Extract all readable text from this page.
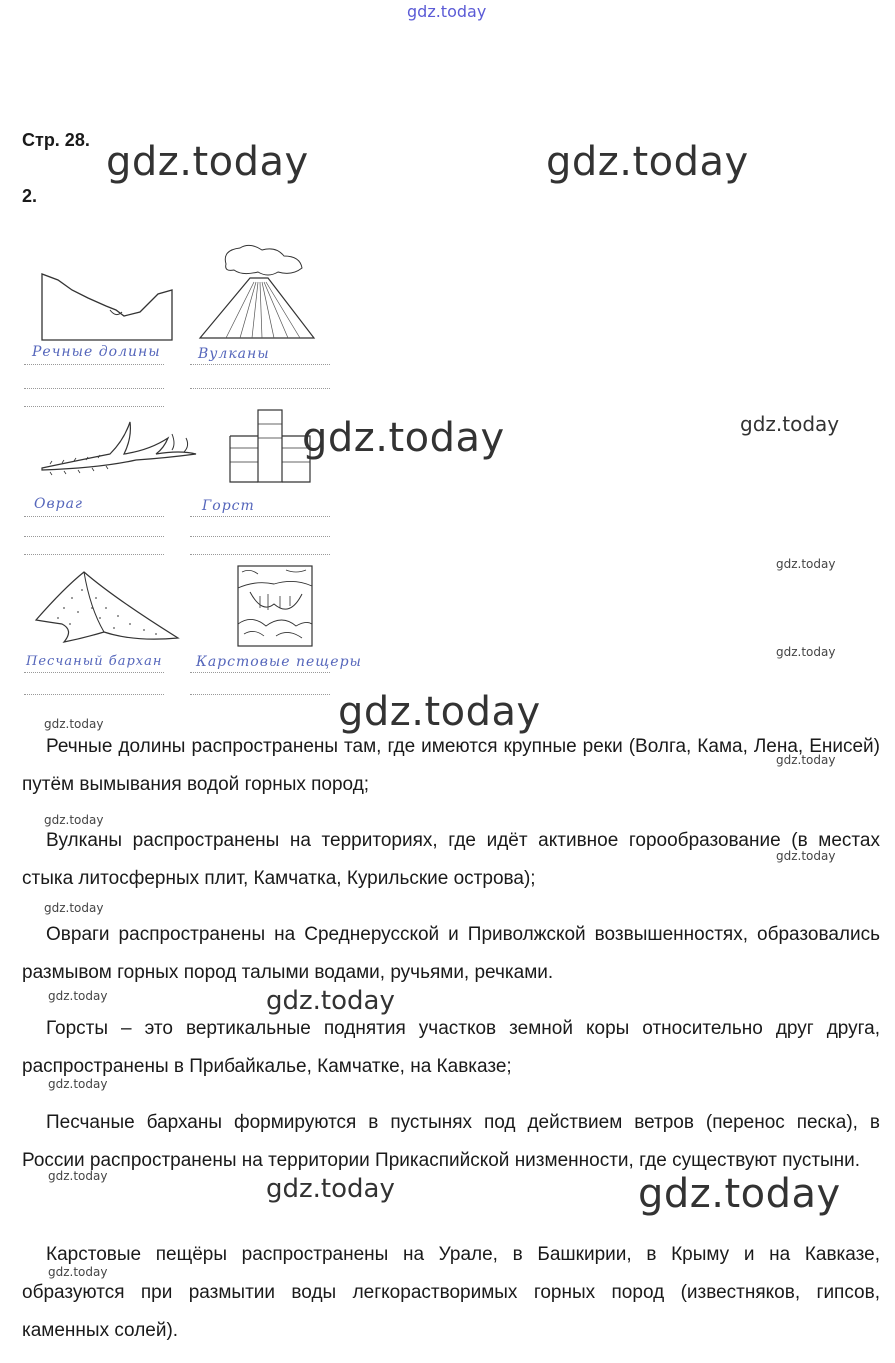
gdz.today
Стр. 28.
2.
gdz.today	gdz.today
gdz.today
gdz.today
gdz.today
gdz.today
gdz.today
gdz.today
gdz.today
gdz.today
gdz.today
gdz.today
gdz.today
gdz.today
gdz.today
gdz.today
gdz.today
gdz.today
gdz.today
Речные долины	Вулканы
Овраг	Горст
Песчаный бархан Карстовые пещеры

Речные долины распространены там, где имеются крупные реки (Волга, Кама, Лена, Енисей) путём вымывания водой горных пород;

Вулканы распространены на территориях, где идёт активное горообразование (в местах стыка литосферных плит, Камчатка, Курильские острова);

Овраги распространены на Среднерусской и Приволжской возвышенностях, образовались размывом горных пород талыми водами, ручьями, речками.

Горсты – это вертикальные поднятия участков земной коры относительно друг друга, распространены в Прибайкалье, Камчатке, на Кавказе;

Песчаные барханы формируются в пустынях под действием ветров (перенос песка), в России распространены на территории Прикаспийской низменности, где существуют пустыни.

Карстовые пещёры распространены на Урале, в Башкирии, в Крыму и на Кавказе, образуются при размытии воды легкорастворимых горных пород (известняков, гипсов, каменных солей).
